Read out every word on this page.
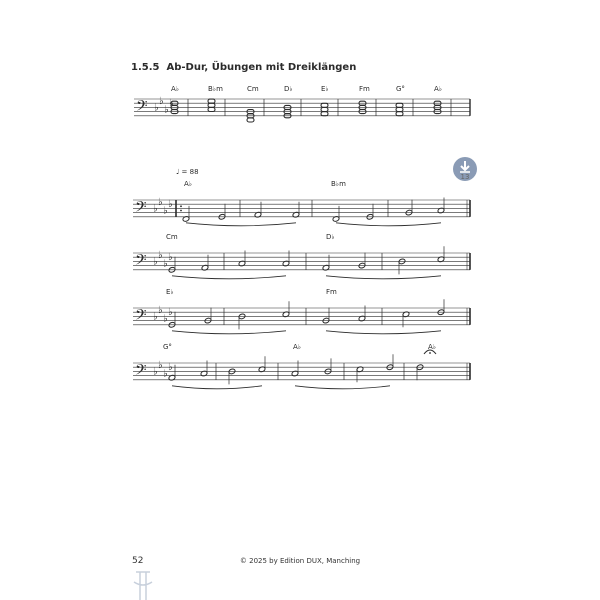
1.5.5 Ab-Dur, Übungen mit Dreiklängen
♩ = 88
13
𝄢 ♭
♭
♭
♭
A♭	B♭m	Cm	D♭	E♭	Fm	G°	A♭
𝄢 ♭
♭
♭
♭
A♭	B♭m
𝄢 ♭
♭
♭
♭
Cm	D♭
𝄢 ♭
♭
♭
♭
E♭	Fm
𝄢 ♭
♭
♭
♭
G°	A♭	A♭
52	© 2025 by Edition DUX, Manching
